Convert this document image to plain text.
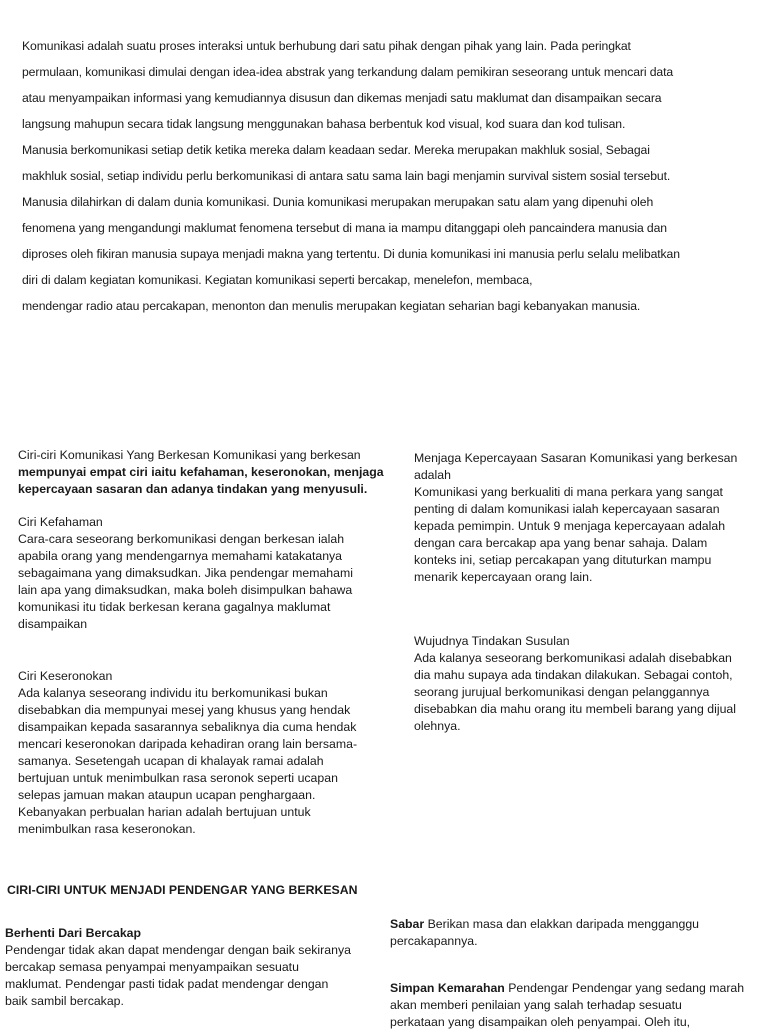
Komunikasi adalah suatu proses interaksi untuk berhubung dari satu pihak dengan pihak yang lain. Pada peringkat
permulaan, komunikasi dimulai dengan idea-idea abstrak yang terkandung dalam pemikiran seseorang untuk mencari data
atau menyampaikan informasi yang kemudiannya disusun dan dikemas menjadi satu maklumat dan disampaikan secara
langsung mahupun secara tidak langsung menggunakan bahasa berbentuk kod visual, kod suara dan kod tulisan.
Manusia berkomunikasi setiap detik ketika mereka dalam keadaan sedar. Mereka merupakan makhluk sosial, Sebagai
makhluk sosial, setiap individu perlu berkomunikasi di antara satu sama lain bagi menjamin survival sistem sosial tersebut.
Manusia dilahirkan di dalam dunia komunikasi. Dunia komunikasi merupakan merupakan satu alam yang dipenuhi oleh
fenomena yang mengandungi maklumat fenomena tersebut di mana ia mampu ditanggapi oleh pancaindera manusia dan
diproses oleh fikiran manusia supaya menjadi makna yang tertentu. Di dunia komunikasi ini manusia perlu selalu melibatkan
diri di dalam kegiatan komunikasi. Kegiatan komunikasi seperti bercakap, menelefon, membaca,
mendengar radio atau percakapan, menonton dan menulis merupakan kegiatan seharian bagi kebanyakan manusia.

Ciri-ciri Komunikasi Yang Berkesan Komunikasi yang berkesan

mempunyai empat ciri iaitu kefahaman, keseronokan, menjaga

kepercayaan sasaran dan adanya tindakan yang menyusuli.

Ciri Kefahaman

Cara-cara seseorang berkomunikasi dengan berkesan ialah

apabila orang yang mendengarnya memahami katakatanya

sebagaimana yang dimaksudkan. Jika pendengar memahami

lain apa yang dimaksudkan, maka boleh disimpulkan bahawa

komunikasi itu tidak berkesan kerana gagalnya maklumat

disampaikan

Ciri Keseronokan

Ada kalanya seseorang individu itu berkomunikasi bukan

disebabkan dia mempunyai mesej yang khusus yang hendak

disampaikan kepada sasarannya sebaliknya dia cuma hendak

mencari keseronokan daripada kehadiran orang lain bersama-

samanya. Sesetengah ucapan di khalayak ramai adalah

bertujuan untuk menimbulkan rasa seronok seperti ucapan

selepas jamuan makan ataupun ucapan penghargaan.

Kebanyakan perbualan harian adalah bertujuan untuk

menimbulkan rasa keseronokan.

Menjaga Kepercayaan Sasaran Komunikasi yang berkesan

adalah

Komunikasi yang berkualiti di mana perkara yang sangat

penting di dalam komunikasi ialah kepercayaan sasaran

kepada pemimpin. Untuk 9 menjaga kepercayaan adalah

dengan cara bercakap apa yang benar sahaja. Dalam

konteks ini, setiap percakapan yang dituturkan mampu

menarik kepercayaan orang lain.

Wujudnya Tindakan Susulan

Ada kalanya seseorang berkomunikasi adalah disebabkan

dia mahu supaya ada tindakan dilakukan. Sebagai contoh,

seorang jurujual berkomunikasi dengan pelanggannya

disebabkan dia mahu orang itu membeli barang yang dijual

olehnya.

CIRI-CIRI UNTUK MENJADI PENDENGAR YANG BERKESAN

Berhenti Dari Bercakap

Pendengar tidak akan dapat mendengar dengan baik sekiranya

bercakap semasa penyampai menyampaikan sesuatu

maklumat. Pendengar pasti tidak padat mendengar dengan

baik sambil bercakap.

Sabar Berikan masa dan elakkan daripada mengganggu

percakapannya.

Simpan Kemarahan Pendengar Pendengar yang sedang marah

akan memberi penilaian yang salah terhadap sesuatu

perkataan yang disampaikan oleh penyampai. Oleh itu,
